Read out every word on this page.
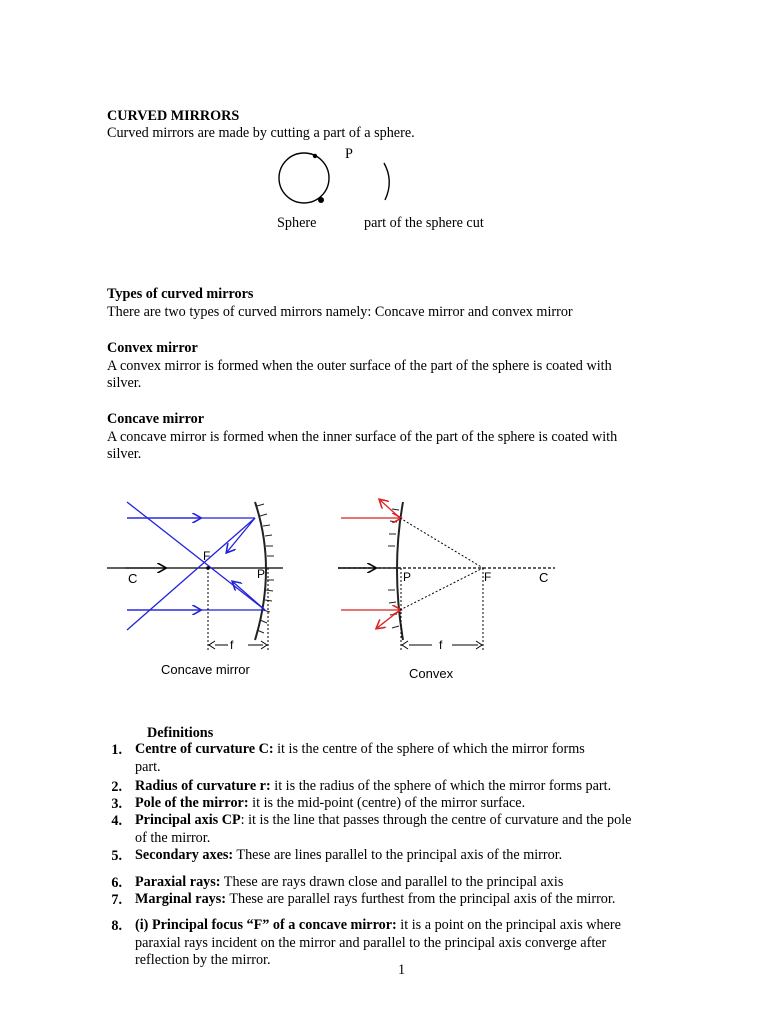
CURVED MIRRORS
Curved mirrors are made by cutting a part of a sphere.
P
Sphere	part of the sphere cut
Types of curved mirrors
There are two types of curved mirrors namely: Concave mirror and convex mirror
Convex mirror
A convex mirror is formed when the outer surface of the part of the sphere is coated with
silver.
Concave mirror
A concave mirror is formed when the inner surface of the part of the sphere is coated with
silver.
C
F
P
f
Concave mirror
P	F	C
f
Convex
Definitions
1. Centre of curvature C: it is the centre of the sphere of which the mirror forms
part.
2. Radius of curvature r: it is the radius of the sphere of which the mirror forms part.
3. Pole of the mirror: it is the mid-point (centre) of the mirror surface.
4. Principal axis CP: it is the line that passes through the centre of curvature and the pole
of the mirror.
5. Secondary axes: These are lines parallel to the principal axis of the mirror.
6. Paraxial rays: These are rays drawn close and parallel to the principal axis
7. Marginal rays: These are parallel rays furthest from the principal axis of the mirror.
8. (i) Principal focus “F” of a concave mirror: it is a point on the principal axis where
paraxial rays incident on the mirror and parallel to the principal axis converge after
reflection by the mirror.
1
